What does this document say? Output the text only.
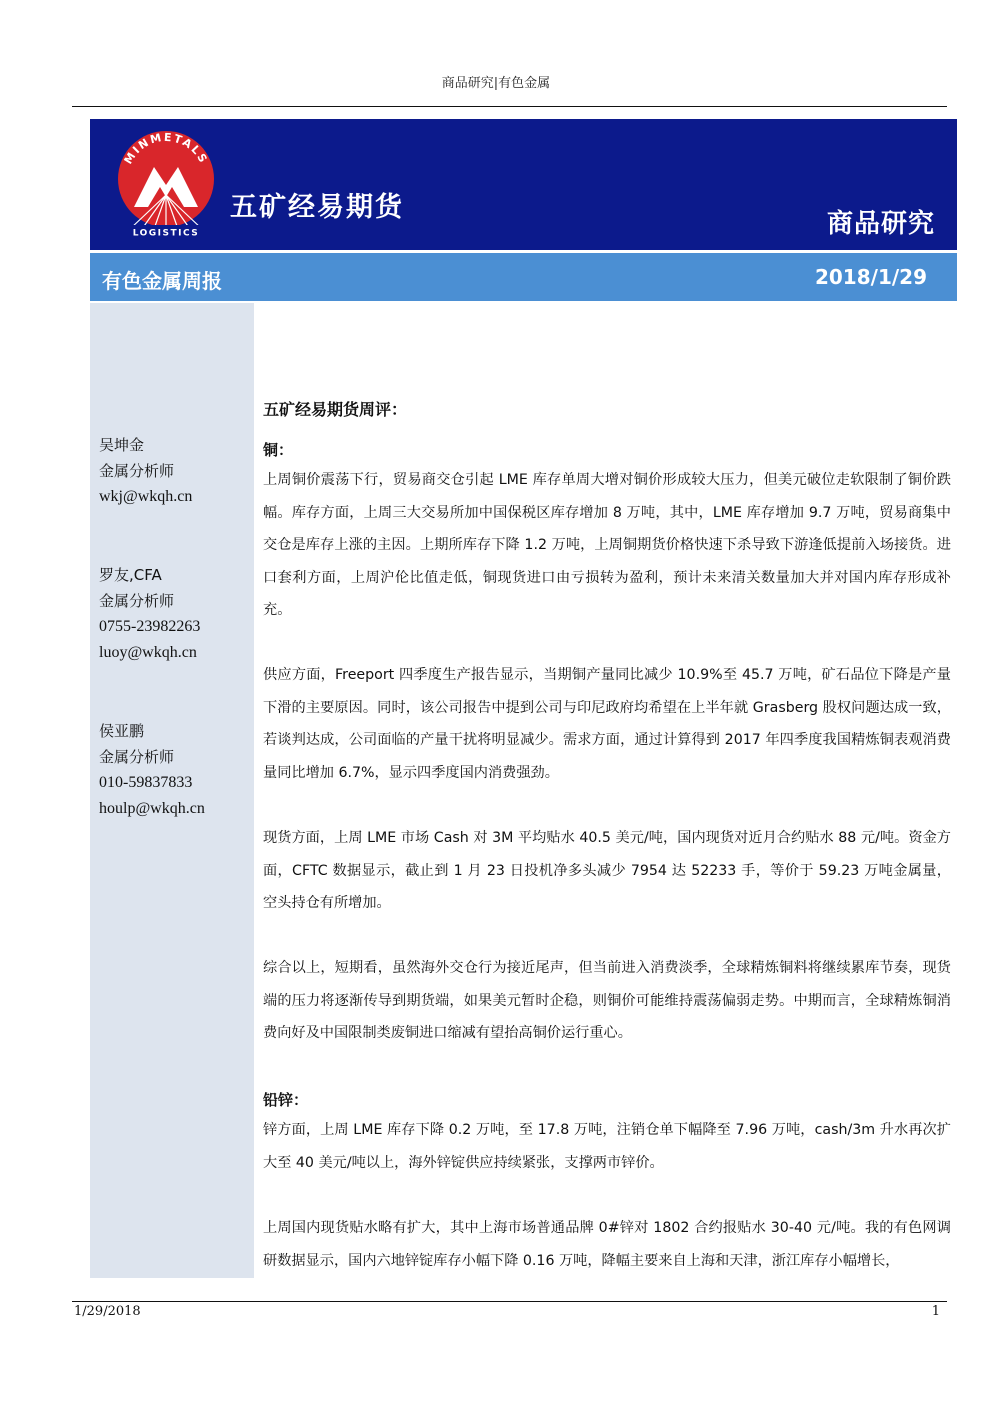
商品研究|有色金属
MINMETALS
LOGISTICS
五矿经易期货
商品研究
有色金属周报	2018/1/29
吴坤金
金属分析师
wkj@wkqh.cn
罗友,CFA
金属分析师
0755-23982263
luoy@wkqh.cn
侯亚鹏
金属分析师
010-59837833
houlp@wkqh.cn
五矿经易期货周评：
铜：

上周铜价震荡下行，贸易商交仓引起 LME 库存单周大增对铜价形成较大压力，但美元破位走软限制了铜价跌幅。库存方面，上周三大交易所加中国保税区库存增加 8 万吨，其中，LME 库存增加 9.7 万吨，贸易商集中交仓是库存上涨的主因。上期所库存下降 1.2 万吨，上周铜期货价格快速下杀导致下游逢低提前入场接货。进口套利方面，上周沪伦比值走低，铜现货进口由亏损转为盈利，预计未来清关数量加大并对国内库存形成补充。

供应方面，Freeport 四季度生产报告显示，当期铜产量同比减少 10.9%至 45.7 万吨，矿石品位下降是产量下滑的主要原因。同时，该公司报告中提到公司与印尼政府均希望在上半年就 Grasberg 股权问题达成一致，若谈判达成，公司面临的产量干扰将明显减少。需求方面，通过计算得到 2017 年四季度我国精炼铜表观消费量同比增加 6.7%，显示四季度国内消费强劲。

现货方面，上周 LME 市场 Cash 对 3M 平均贴水 40.5 美元/吨，国内现货对近月合约贴水 88 元/吨。资金方面，CFTC 数据显示，截止到 1 月 23 日投机净多头减少 7954 达 52233 手，等价于 59.23 万吨金属量，空头持仓有所增加。

综合以上，短期看，虽然海外交仓行为接近尾声，但当前进入消费淡季，全球精炼铜料将继续累库节奏，现货端的压力将逐渐传导到期货端，如果美元暂时企稳，则铜价可能维持震荡偏弱走势。中期而言，全球精炼铜消费向好及中国限制类废铜进口缩减有望抬高铜价运行重心。

铅锌：

锌方面，上周 LME 库存下降 0.2 万吨，至 17.8 万吨，注销仓单下幅降至 7.96 万吨，cash/3m 升水再次扩大至 40 美元/吨以上，海外锌锭供应持续紧张，支撑两市锌价。

上周国内现货贴水略有扩大，其中上海市场普通品牌 0#锌对 1802 合约报贴水 30-40 元/吨。我的有色网调研数据显示，国内六地锌锭库存小幅下降 0.16 万吨，降幅主要来自上海和天津，浙江库存小幅增长，

1/29/2018	1
